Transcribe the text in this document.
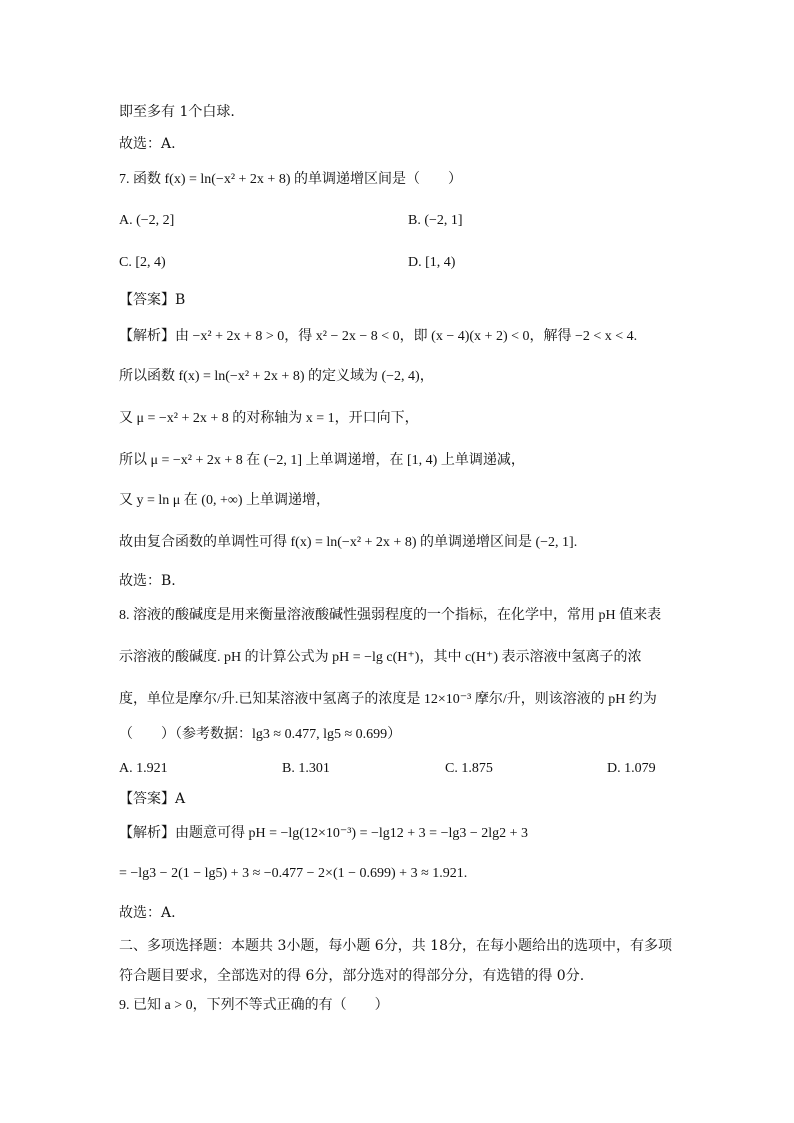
即至多有 1个白球.
故选：A.
7. 函数 f(x) = ln(−x² + 2x + 8) 的单调递增区间是（　　）
A. (−2, 2]	B. (−2, 1]
C. [2, 4)	D. [1, 4)
【答案】B
【解析】由 −x² + 2x + 8 > 0，得 x² − 2x − 8 < 0，即 (x − 4)(x + 2) < 0，解得 −2 < x < 4.
所以函数 f(x) = ln(−x² + 2x + 8) 的定义域为 (−2, 4)，
又 μ = −x² + 2x + 8 的对称轴为 x = 1，开口向下，
所以 μ = −x² + 2x + 8 在 (−2, 1] 上单调递增，在 [1, 4) 上单调递减，
又 y = ln μ 在 (0, +∞) 上单调递增，
故由复合函数的单调性可得 f(x) = ln(−x² + 2x + 8) 的单调递增区间是 (−2, 1].
故选：B.
8. 溶液的酸碱度是用来衡量溶液酸碱性强弱程度的一个指标，在化学中，常用 pH 值来表
示溶液的酸碱度. pH 的计算公式为 pH = −lg c(H⁺)，其中 c(H⁺) 表示溶液中氢离子的浓
度，单位是摩尔/升.已知某溶液中氢离子的浓度是 12×10⁻³ 摩尔/升，则该溶液的 pH 约为
（　　）（参考数据：lg3 ≈ 0.477, lg5 ≈ 0.699）
A. 1.921	B. 1.301	C. 1.875	D. 1.079
【答案】A
【解析】由题意可得 pH = −lg(12×10⁻³) = −lg12 + 3 = −lg3 − 2lg2 + 3
= −lg3 − 2(1 − lg5) + 3 ≈ −0.477 − 2×(1 − 0.699) + 3 ≈ 1.921.
故选：A.
二、多项选择题：本题共 3小题，每小题 6分，共 18分，在每小题给出的选项中，有多项
符合题目要求，全部选对的得 6分，部分选对的得部分分，有选错的得 0分.
9. 已知 a > 0，下列不等式正确的有（　　）
